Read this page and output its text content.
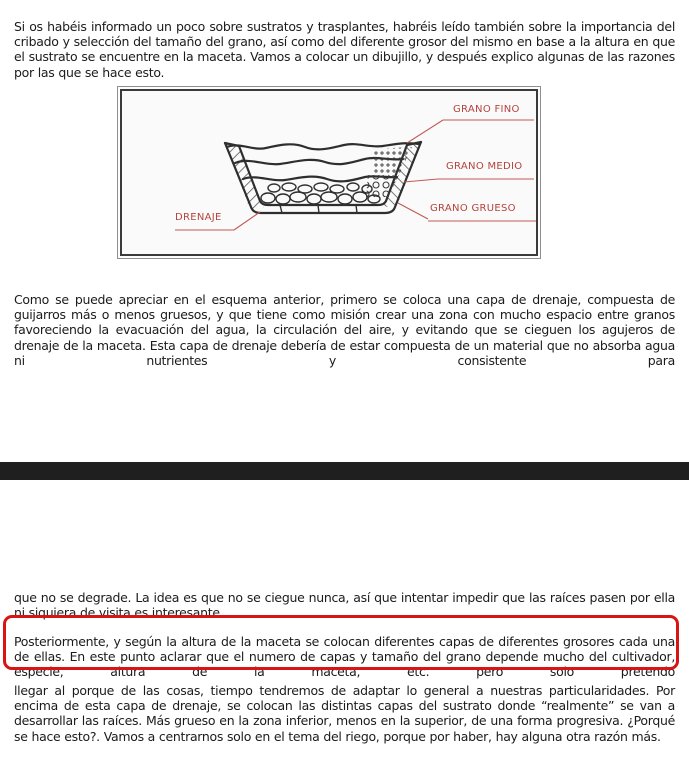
Si os habéis informado un poco sobre sustratos y trasplantes, habréis leído también sobre la importancia del cribado y selección del tamaño del grano, así como del diferente grosor del mismo en base a la altura en que el sustrato se encuentre en la maceta. Vamos a colocar un dibujillo, y después explico algunas de las razones por las que se hace esto.

GRANO FINO
GRANO MEDIO
GRANO GRUESO
DRENAJE

Como se puede apreciar en el esquema anterior, primero se coloca una capa de drenaje, compuesta de guijarros más o menos gruesos, y que tiene como misión crear una zona con mucho espacio entre granos favoreciendo la evacuación del agua, la circulación del aire, y evitando que se cieguen los agujeros de drenaje de la maceta. Esta capa de drenaje debería de estar compuesta de un material que no absorba agua ni nutrientes y consistente para

que no se degrade. La idea es que no se ciegue nunca, así que intentar impedir que las raíces pasen por ella ni siquiera de visita es interesante.

Posteriormente, y según la altura de la maceta se colocan diferentes capas de diferentes grosores cada una de ellas. En este punto aclarar que el numero de capas y tamaño del grano depende mucho del cultivador, especie, altura de la maceta, etc. pero solo pretendo

llegar al porque de las cosas, tiempo tendremos de adaptar lo general a nuestras particularidades. Por encima de esta capa de drenaje, se colocan las distintas capas del sustrato donde “realmente” se van a desarrollar las raíces. Más grueso en la zona inferior, menos en la superior, de una forma progresiva. ¿Porqué se hace esto?. Vamos a centrarnos solo en el tema del riego, porque por haber, hay alguna otra razón más.
